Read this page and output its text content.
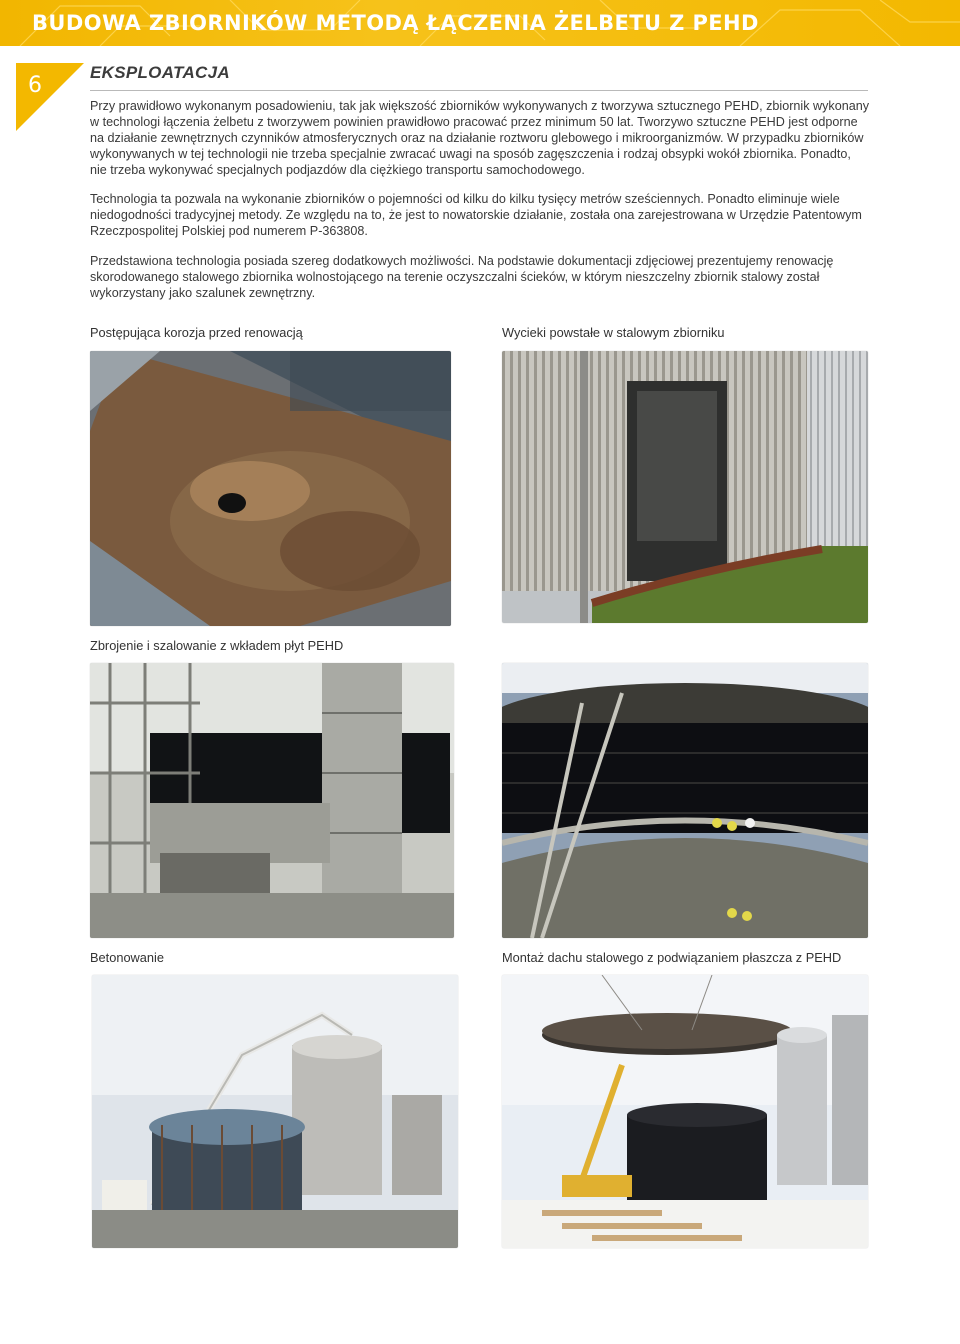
BUDOWA ZBIORNIKÓW METODĄ ŁĄCZENIA ŻELBETU Z PEHD
6
EKSPLOATACJA

Przy prawidłowo wykonanym posadowieniu, tak jak większość zbiorników wykonywanych z tworzywa sztucznego PEHD, zbiornik wykonany w technologi łączenia żelbetu z tworzywem powinien prawidłowo pracować przez minimum 50 lat. Tworzywo sztuczne PEHD jest odporne na działanie zewnętrznych czynników atmosferycznych oraz na działanie roztworu glebowego i mikroorganizmów. W przypadku zbiorników wykonywanych w tej technologii nie trzeba specjalnie zwracać uwagi na sposób zagęszczenia i rodzaj obsypki wokół zbiornika. Ponadto, nie trzeba wykonywać specjalnych podjazdów dla ciężkiego transportu samochodowego.

Technologia ta pozwala na wykonanie zbiorników o pojemności od kilku do kilku tysięcy metrów sześciennych. Ponadto eliminuje wiele niedogodności tradycyjnej metody. Ze względu na to, że jest to nowatorskie działanie, została ona zarejestrowana w Urzędzie Patentowym Rzeczpospolitej Polskiej pod numerem P-363808.

Przedstawiona technologia posiada szereg dodatkowych możliwości. Na podstawie dokumentacji zdjęciowej prezentujemy renowację skorodowanego stalowego zbiornika wolnostojącego na terenie oczyszczalni ścieków, w którym nieszczelny zbiornik stalowy został wykorzystany jako szalunek zewnętrzny.

Postępująca korozja przed renowacją	Wycieki powstałe w stalowym zbiorniku
Zbrojenie i szalowanie z wkładem płyt PEHD
Betonowanie	Montaż dachu stalowego z podwiązaniem płaszcza z PEHD
